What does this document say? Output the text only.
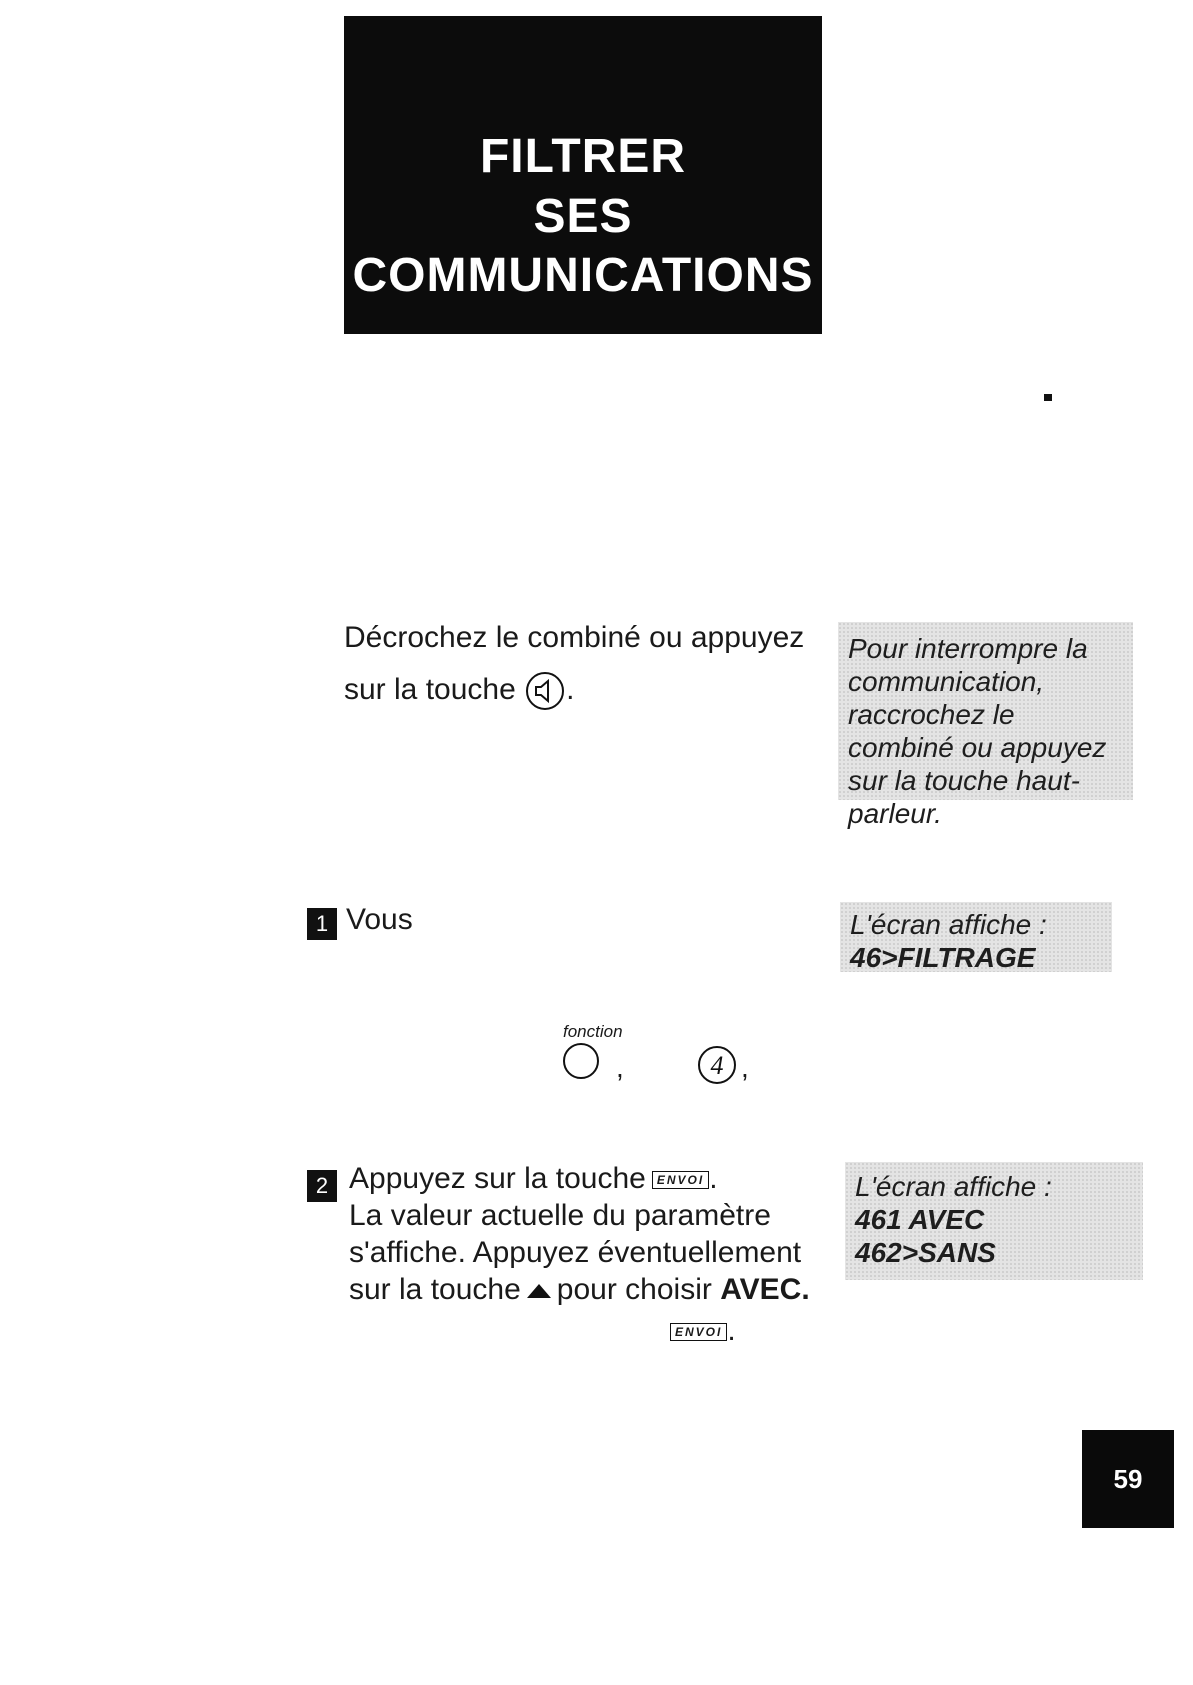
FILTRER
SES
COMMUNICATIONS
Décrochez le combiné ou appuyez
sur la touche .
Pour interrompre la communication, raccrochez le combiné ou appuyez sur la touche haut-parleur.
1 Vous	L'écran affiche :
46>FILTRAGE
fonction
,	4 ,
2 Appuyez sur la touche ENVOI .
La valeur actuelle du paramètre
s'affiche. Appuyez éventuellement
sur la touche pour choisir AVEC.
ENVOI .
L'écran affiche :
461 AVEC
462>SANS
59
